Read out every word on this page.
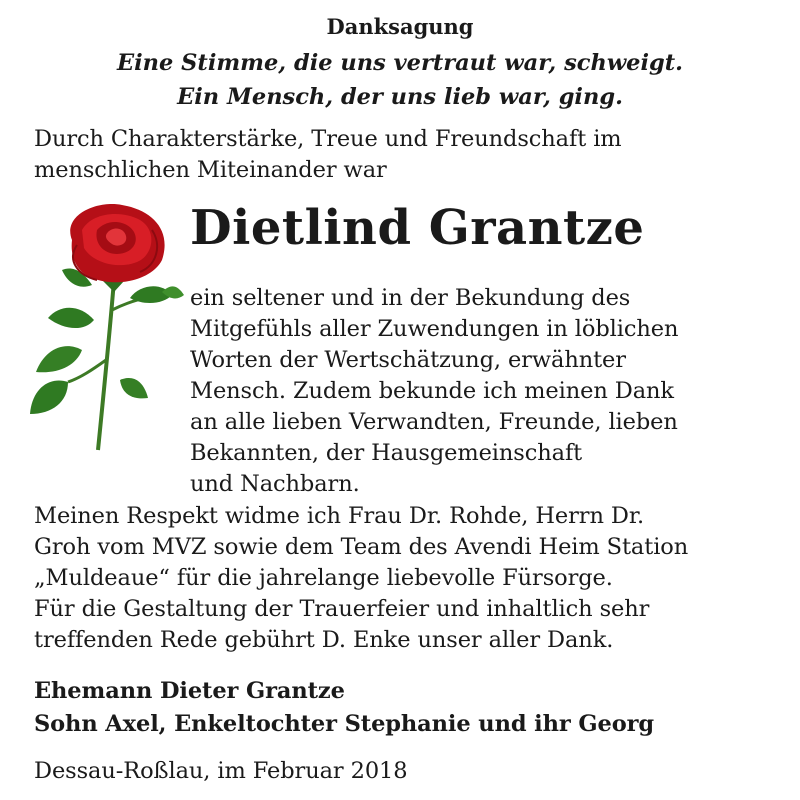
Danksagung
Eine Stimme, die uns vertraut war, schweigt.
Ein Mensch, der uns lieb war, ging.
Durch Charakterstärke, Treue und Freundschaft im
menschlichen Miteinander war
Dietlind Grantze
ein seltener und in der Bekundung des
Mitgefühls aller Zuwendungen in löblichen
Worten der Wertschätzung, erwähnter
Mensch. Zudem bekunde ich meinen Dank
an alle lieben Verwandten, Freunde, lieben
Bekannten, der Hausgemeinschaft
und Nachbarn.
Meinen Respekt widme ich Frau Dr. Rohde, Herrn Dr.
Groh vom MVZ sowie dem Team des Avendi Heim Station
„Muldeaue“ für die jahrelange liebevolle Fürsorge.
Für die Gestaltung der Trauerfeier und inhaltlich sehr
treffenden Rede gebührt D. Enke unser aller Dank.
Ehemann Dieter Grantze
Sohn Axel, Enkeltochter Stephanie und ihr Georg
Dessau-Roßlau, im Februar 2018
